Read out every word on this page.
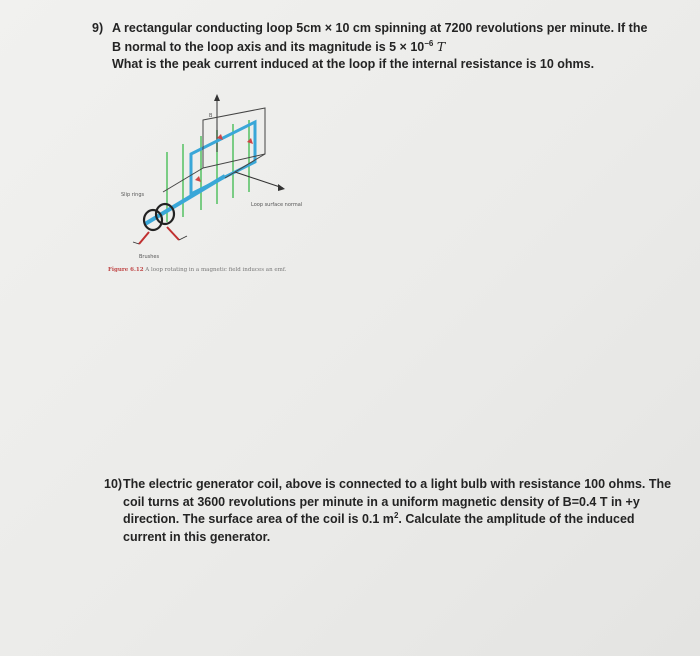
9) A rectangular conducting loop 5cm × 10 cm spinning at 7200 revolutions per minute. If the
B normal to the loop axis and its magnitude is $5 \times 10^{-6}$ T
What is the peak current induced at the loop if the internal resistance is 10 ohms.
B
Slip rings
Loop surface normal
Brushes
Figure 6.12 A loop rotating in a magnetic field induces an emf.
10) The electric generator coil, above is connected to a light bulb with resistance 100 ohms. The
coil turns at 3600 revolutions per minute in a uniform magnetic density of B=0.4 T in +y
direction. The surface area of the coil is 0.1 $m^2$. Calculate the amplitude of the induced
current in this generator.
